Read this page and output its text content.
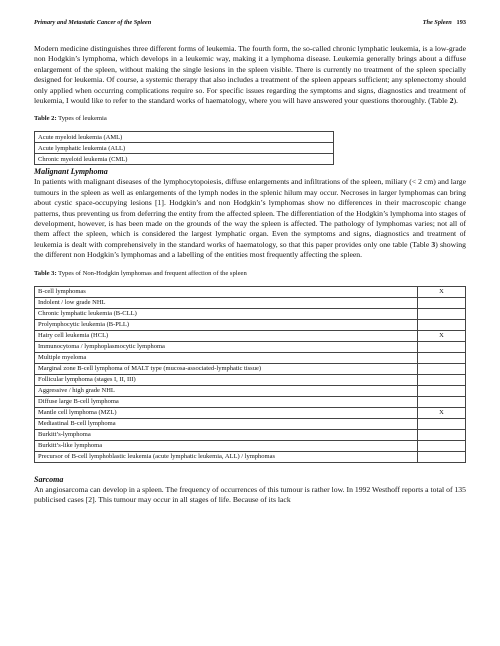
Primary and Metastatic Cancer of the Spleen	The Spleen 193

Modern medicine distinguishes three different forms of leukemia. The fourth form, the so-called chronic lymphatic leukemia, is a low-grade non Hodgkin’s lymphoma, which develops in a leukemic way, making it a lymphoma disease. Leukemia generally brings about a diffuse enlargement of the spleen, without making the single lesions in the spleen visible. There is currently no treatment of the spleen specially designed for leukemia. Of course, a systemic therapy that also includes a treatment of the spleen appears sufficient; any splenectomy should only applied when occurring complications require so. For specific issues regarding the symptoms and signs, diagnostics and treatment of leukemia, I would like to refer to the standard works of haematology, where you will have answered your questions thoroughly. (Table 2).

Table 2: Types of leukemia
Acute myeloid leukemia (AML)
Acute lymphatic leukemia (ALL)
Chronic myeloid leukemia (CML)
Malignant Lymphoma

In patients with malignant diseases of the lymphocytopoiesis, diffuse enlargements and infiltrations of the spleen, miliary (< 2 cm) and large tumours in the spleen as well as enlargements of the lymph nodes in the splenic hilum may occur. Necroses in larger lymphomas can bring about cystic space-occupying lesions [1]. Hodgkin’s and non Hodgkin’s lymphomas show no differences in their macroscopic change patterns, thus preventing us from deferring the entity from the affected spleen. The differentiation of the Hodgkin’s lymphoma into stages of development, however, is has been made on the grounds of the way the spleen is affected. The pathology of lymphomas varies; not all of them affect the spleen, which is considered the largest lymphatic organ. Even the symptoms and signs, diagnostics and treatment of leukemia is dealt with comprehensively in the standard works of haematology, so that this paper provides only one table (Table 3) showing the different non Hodgkin’s lymphomas and a labelling of the entities most frequently affecting the spleen.

Table 3: Types of Non-Hodgkin lymphomas and frequent affection of the spleen
B-cell lymphomas	X
Indolent / low grade NHL	
Chronic lymphatic leukemia (B-CLL)	
Prolymphocytic leukemia (B-PLL)	
Hairy cell leukemia (HCL)	X
Immunocytoma / lymphoplasmocytic lymphoma	
Multiple myeloma	
Marginal zone B-cell lymphoma of MALT type (mucosa-associated-lymphatic tissue)	
Follicular lymphoma (stages I, II, III)	
Aggressive / high grade NHL	
Diffuse large B-cell lymphoma	
Mantle cell lymphoma (MZL)	X
Mediastinal B-cell lymphoma	
Burkitt’s-lymphoma	
Burkitt’s-like lymphoma	
Precursor of B-cell lymphoblastic leukemia (acute lymphatic leukemia, ALL) / lymphomas	
Sarcoma

An angiosarcoma can develop in a spleen. The frequency of occurrences of this tumour is rather low. In 1992 Westhoff reports a total of 135 publicised cases [2]. This tumour may occur in all stages of life. Because of its lack
